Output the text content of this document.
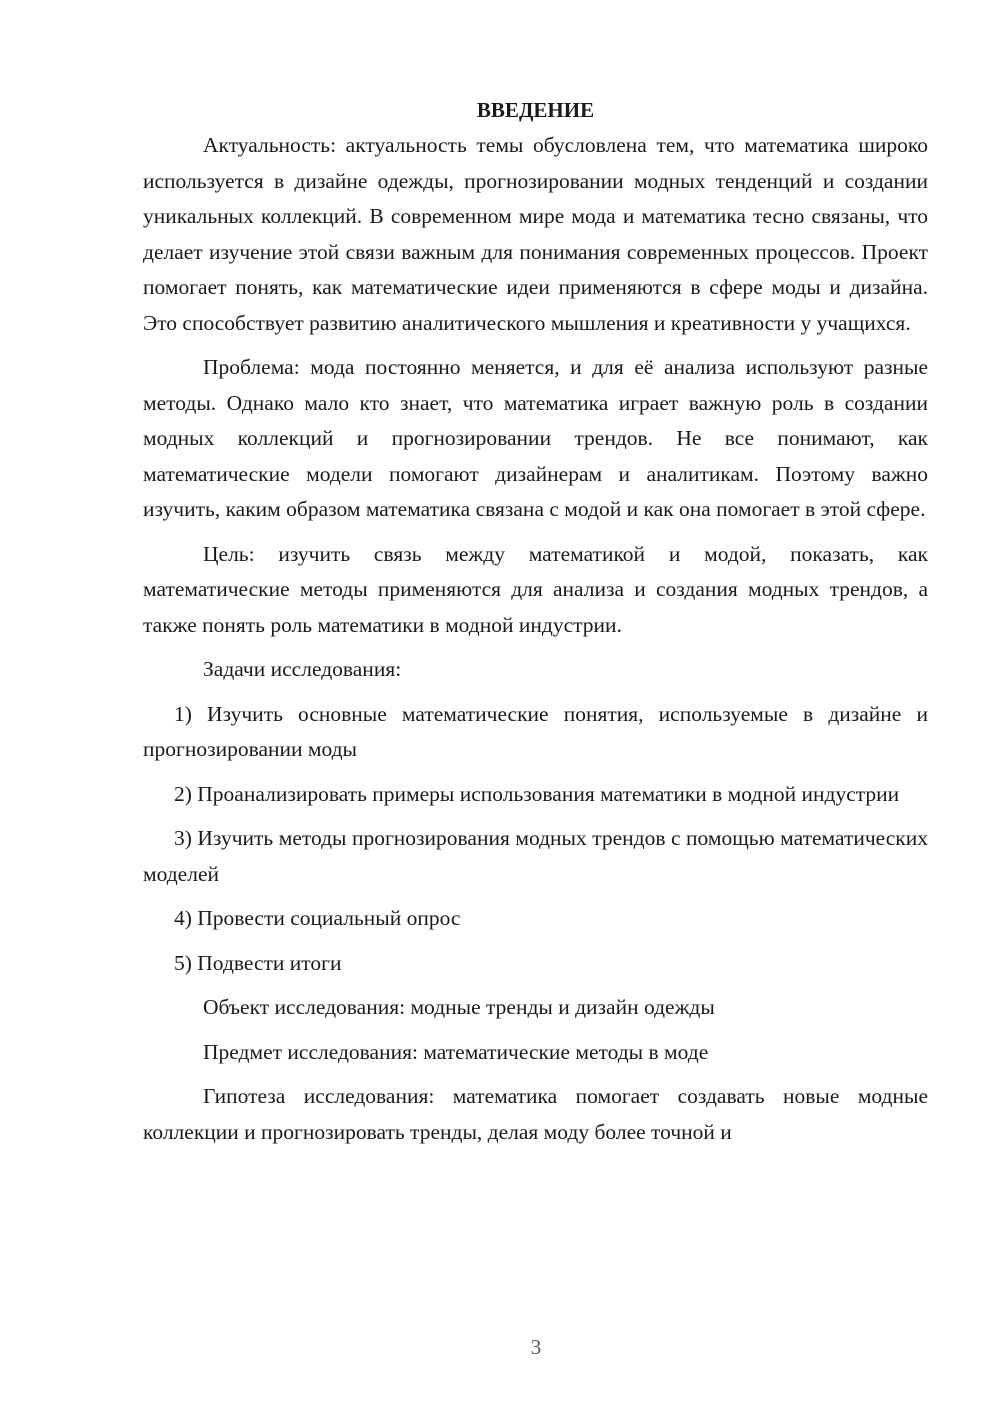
ВВЕДЕНИЕ

Актуальность: актуальность темы обусловлена тем, что математика широко используется в дизайне одежды, прогнозировании модных тенденций и создании уникальных коллекций. В современном мире мода и математика тесно связаны, что делает изучение этой связи важным для понимания современных процессов. Проект помогает понять, как математические идеи применяются в сфере моды и дизайна. Это способствует развитию аналитического мышления и креативности у учащихся.

Проблема: мода постоянно меняется, и для её анализа используют разные методы. Однако мало кто знает, что математика играет важную роль в создании модных коллекций и прогнозировании трендов. Не все понимают, как математические модели помогают дизайнерам и аналитикам. Поэтому важно изучить, каким образом математика связана с модой и как она помогает в этой сфере.

Цель: изучить связь между математикой и модой, показать, как математические методы применяются для анализа и создания модных трендов, а также понять роль математики в модной индустрии.

Задачи исследования:

1) Изучить основные математические понятия, используемые в дизайне и прогнозировании моды

2) Проанализировать примеры использования математики в модной индустрии

3) Изучить методы прогнозирования модных трендов с помощью математических моделей

4) Провести социальный опрос

5) Подвести итоги

Объект исследования: модные тренды и дизайн одежды

Предмет исследования: математические методы в моде

Гипотеза исследования: математика помогает создавать новые модные коллекции и прогнозировать тренды, делая моду более точной и

3
